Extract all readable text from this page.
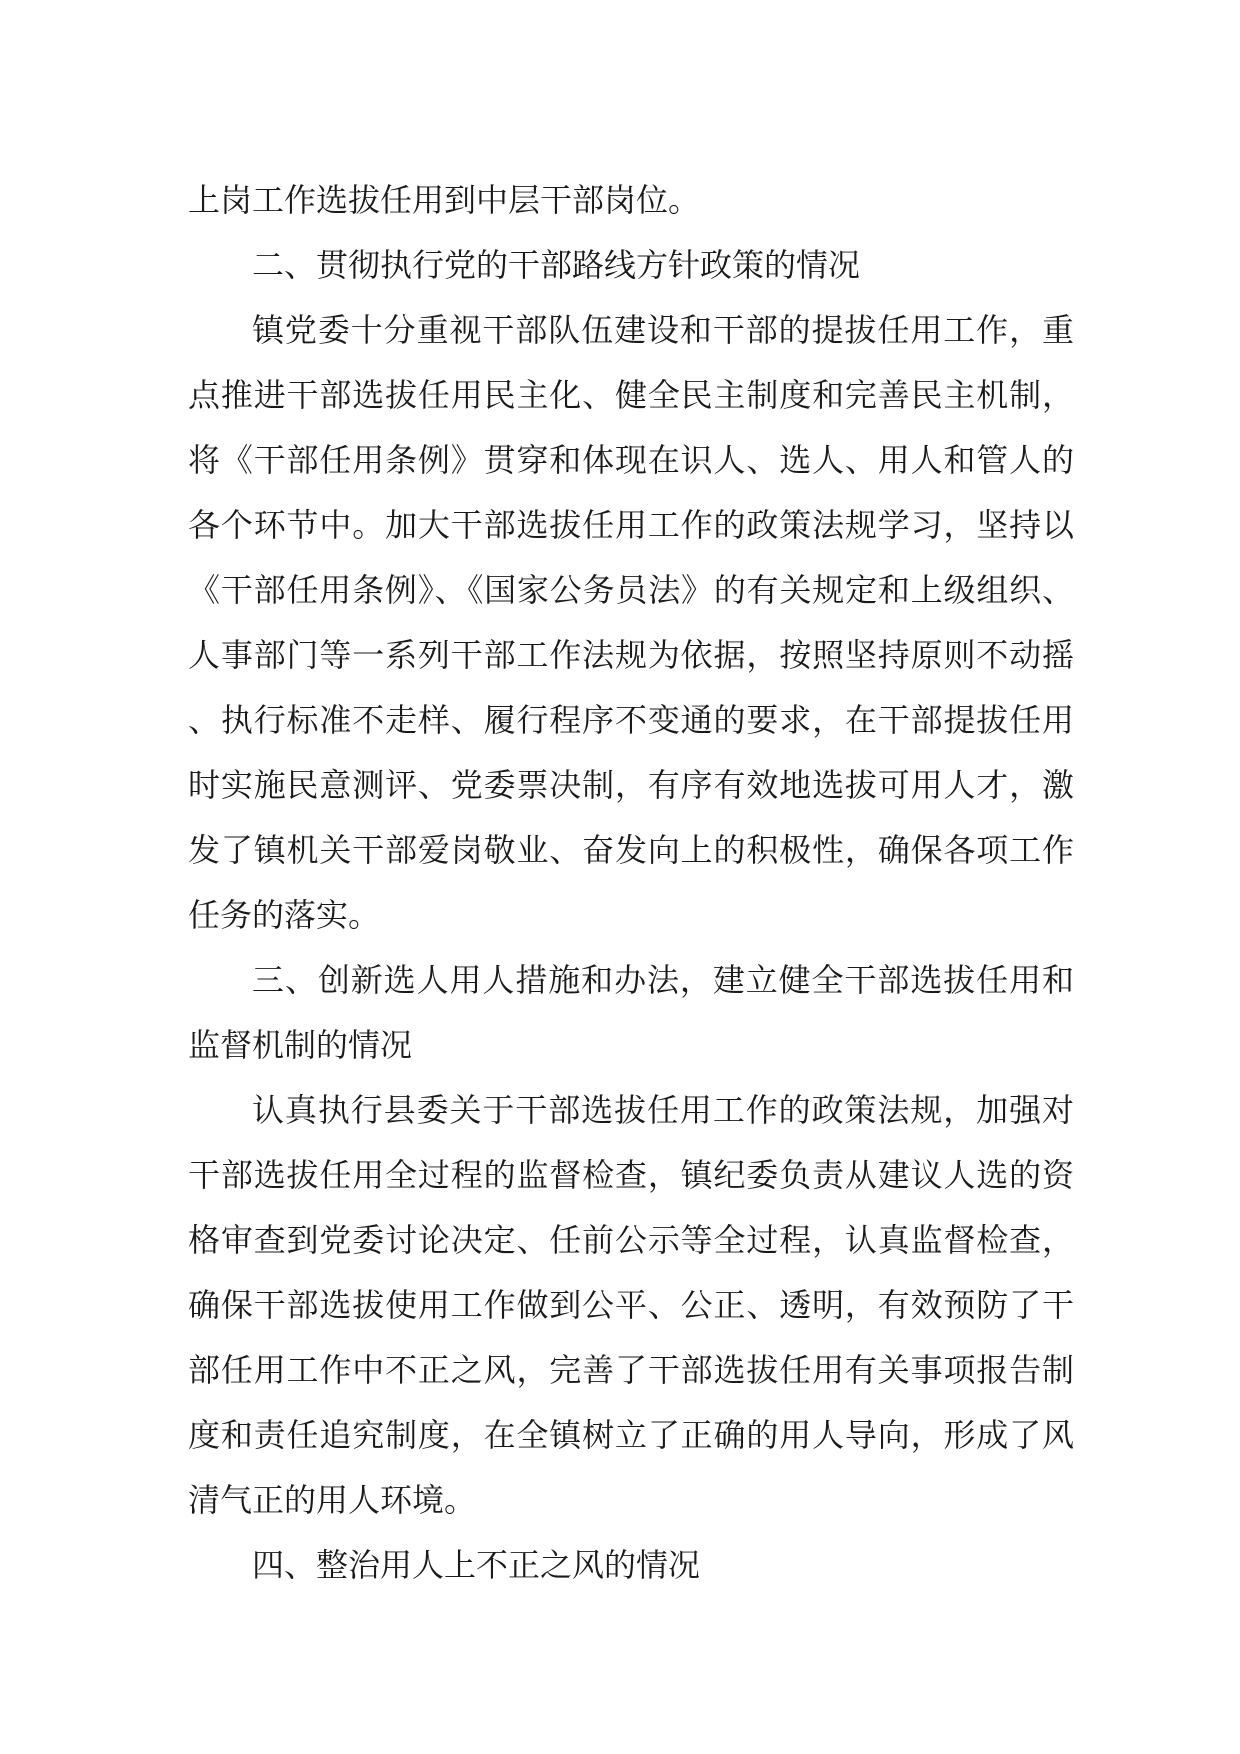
上岗工作选拔任用到中层干部岗位。

二、贯彻执行党的干部路线方针政策的情况

镇党委十分重视干部队伍建设和干部的提拔任用工作，重点推进干部选拔任用民主化、健全民主制度和完善民主机制，将《干部任用条例》贯穿和体现在识人、选人、用人和管人的各个环节中。加大干部选拔任用工作的政策法规学习，坚持以《干部任用条例》、《国家公务员法》的有关规定和上级组织、人事部门等一系列干部工作法规为依据，按照坚持原则不动摇、执行标准不走样、履行程序不变通的要求，在干部提拔任用时实施民意测评、党委票决制，有序有效地选拔可用人才，激发了镇机关干部爱岗敬业、奋发向上的积极性，确保各项工作任务的落实。

三、创新选人用人措施和办法，建立健全干部选拔任用和监督机制的情况

认真执行县委关于干部选拔任用工作的政策法规，加强对干部选拔任用全过程的监督检查，镇纪委负责从建议人选的资格审查到党委讨论决定、任前公示等全过程，认真监督检查，确保干部选拔使用工作做到公平、公正、透明，有效预防了干部任用工作中不正之风，完善了干部选拔任用有关事项报告制度和责任追究制度，在全镇树立了正确的用人导向，形成了风清气正的用人环境。

四、整治用人上不正之风的情况
